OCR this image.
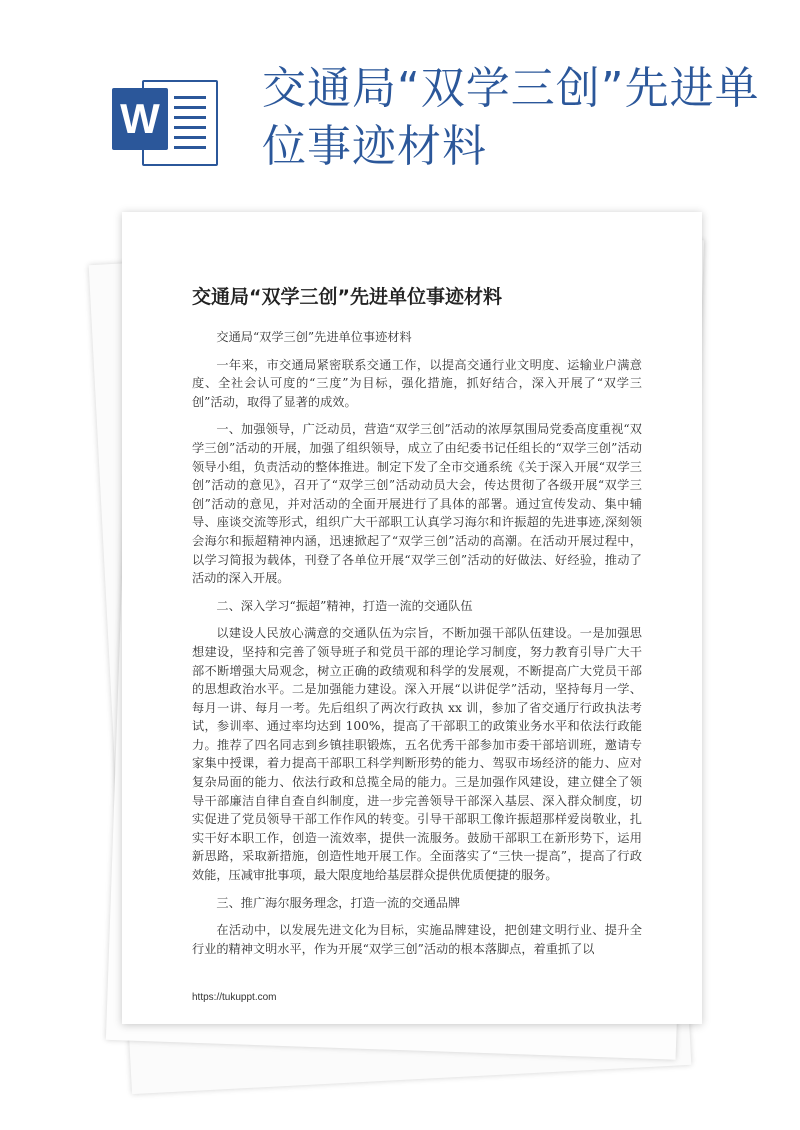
W
交通局“双学三创”先进单位事迹材料
交通局“双学三创”先进单位事迹材料

交通局“双学三创”先进单位事迹材料

一年来，市交通局紧密联系交通工作，以提高交通行业文明度、运输业户满意度、全社会认可度的“三度”为目标，强化措施，抓好结合，深入开展了“双学三创”活动，取得了显著的成效。

一、加强领导，广泛动员，营造“双学三创”活动的浓厚氛围局党委高度重视“双学三创”活动的开展，加强了组织领导，成立了由纪委书记任组长的“双学三创”活动领导小组，负责活动的整体推进。制定下发了全市交通系统《关于深入开展“双学三创”活动的意见》，召开了“双学三创”活动动员大会，传达贯彻了各级开展“双学三创”活动的意见，并对活动的全面开展进行了具体的部署。通过宣传发动、集中辅导、座谈交流等形式，组织广大干部职工认真学习海尔和许振超的先进事迹,深刻领会海尔和振超精神内涵，迅速掀起了“双学三创”活动的高潮。在活动开展过程中，以学习简报为载体，刊登了各单位开展“双学三创”活动的好做法、好经验，推动了活动的深入开展。

二、深入学习“振超”精神，打造一流的交通队伍

以建设人民放心满意的交通队伍为宗旨，不断加强干部队伍建设。一是加强思想建设，坚持和完善了领导班子和党员干部的理论学习制度，努力教育引导广大干部不断增强大局观念，树立正确的政绩观和科学的发展观，不断提高广大党员干部的思想政治水平。二是加强能力建设。深入开展“以讲促学”活动，坚持每月一学、每月一讲、每月一考。先后组织了两次行政执 xx 训，参加了省交通厅行政执法考试，参训率、通过率均达到 100%，提高了干部职工的政策业务水平和依法行政能力。推荐了四名同志到乡镇挂职锻炼，五名优秀干部参加市委干部培训班，邀请专家集中授课，着力提高干部职工科学判断形势的能力、驾驭市场经济的能力、应对复杂局面的能力、依法行政和总揽全局的能力。三是加强作风建设，建立健全了领导干部廉洁自律自查自纠制度，进一步完善领导干部深入基层、深入群众制度，切实促进了党员领导干部工作作风的转变。引导干部职工像许振超那样爱岗敬业，扎实干好本职工作，创造一流效率，提供一流服务。鼓励干部职工在新形势下，运用新思路，采取新措施，创造性地开展工作。全面落实了“三快一提高”，提高了行政效能，压减审批事项，最大限度地给基层群众提供优质便捷的服务。

三、推广海尔服务理念，打造一流的交通品牌

在活动中，以发展先进文化为目标，实施品牌建设，把创建文明行业、提升全行业的精神文明水平，作为开展“双学三创”活动的根本落脚点，着重抓了以

https://tukuppt.com
